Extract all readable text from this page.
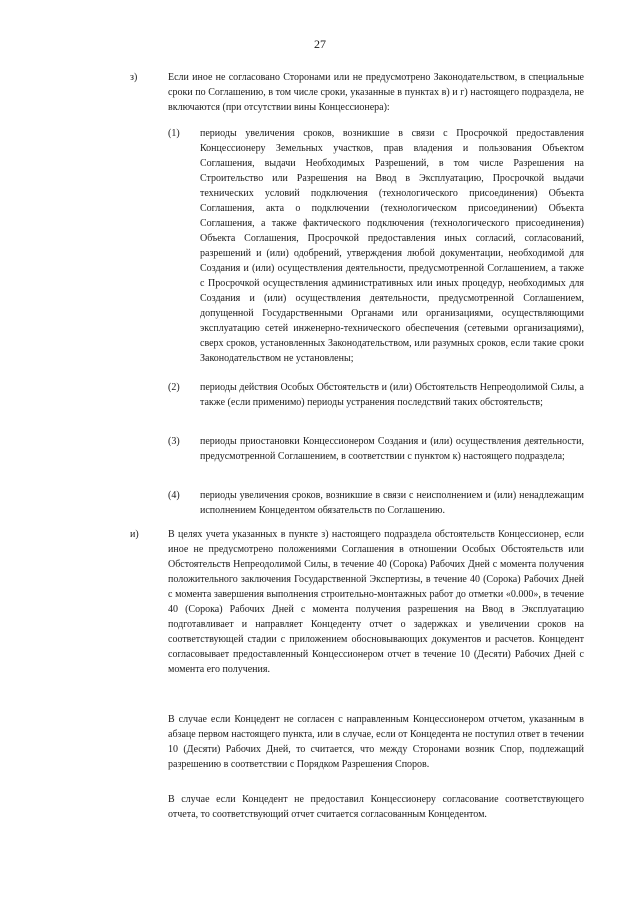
27
з)	Если иное не согласовано Сторонами или не предусмотрено Законодательством, в специальные сроки по Соглашению, в том числе сроки, указанные в пунктах в) и г) настоящего подраздела, не включаются (при отсутствии вины Концессионера):

(1) периоды увеличения сроков, возникшие в связи с Просрочкой предоставления Концессионеру Земельных участков, прав владения и пользования Объектом Соглашения, выдачи Необходимых Разрешений, в том числе Разрешения на Строительство или Разрешения на Ввод в Эксплуатацию, Просрочкой выдачи технических условий подключения (технологического присоединения) Объекта Соглашения, акта о подключении (технологическом присоединении) Объекта Соглашения, а также фактического подключения (технологического присоединения) Объекта Соглашения, Просрочкой предоставления иных согласий, согласований, разрешений и (или) одобрений, утверждения любой документации, необходимой для Создания и (или) осуществления деятельности, предусмотренной Соглашением, а также с Просрочкой осуществления административных или иных процедур, необходимых для Создания и (или) осуществления деятельности, предусмотренной Соглашением, допущенной Государственными Органами или организациями, осуществляющими эксплуатацию сетей инженерно-технического обеспечения (сетевыми организациями), сверх сроков, установленных Законодательством, или разумных сроков, если такие сроки Законодательством не установлены;

(2) периоды действия Особых Обстоятельств и (или) Обстоятельств Непреодолимой Силы, а также (если применимо) периоды устранения последствий таких обстоятельств;

(3) периоды приостановки Концессионером Создания и (или) осуществления деятельности, предусмотренной Соглашением, в соответствии с пунктом к) настоящего подраздела;

(4) периоды увеличения сроков, возникшие в связи с неисполнением и (или) ненадлежащим исполнением Концедентом обязательств по Соглашению.

и)	В целях учета указанных в пункте з) настоящего подраздела обстоятельств Концессионер, если иное не предусмотрено положениями Соглашения в отношении Особых Обстоятельств или Обстоятельств Непреодолимой Силы, в течение 40 (Сорока) Рабочих Дней с момента получения положительного заключения Государственной Экспертизы, в течение 40 (Сорока) Рабочих Дней с момента завершения выполнения строительно-монтажных работ до отметки «0.000», в течение 40 (Сорока) Рабочих Дней с момента получения разрешения на Ввод в Эксплуатацию подготавливает и направляет Концеденту отчет о задержках и увеличении сроков на соответствующей стадии с приложением обосновывающих документов и расчетов. Концедент согласовывает предоставленный Концессионером отчет в течение 10 (Десяти) Рабочих Дней с момента его получения.

В случае если Концедент не согласен с направленным Концессионером отчетом, указанным в абзаце первом настоящего пункта, или в случае, если от Концедента не поступил ответ в течении 10 (Десяти) Рабочих Дней, то считается, что между Сторонами возник Спор, подлежащий разрешению в соответствии с Порядком Разрешения Споров.

В случае если Концедент не предоставил Концессионеру согласование соответствующего отчета, то соответствующий отчет считается согласованным Концедентом.
